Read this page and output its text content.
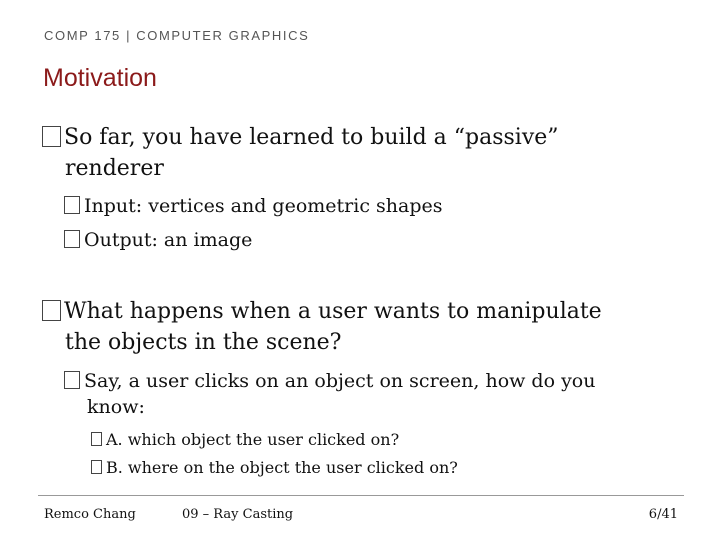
COMP 175 | COMPUTER GRAPHICS
Motivation
So far, you have learned to build a “passive”
renderer
Input: vertices and geometric shapes
Output: an image
What happens when a user wants to manipulate
the objects in the scene?
Say, a user clicks on an object on screen, how do you
know:
A. which object the user clicked on?
B. where on the object the user clicked on?
Remco Chang	09 – Ray Casting	6/41
